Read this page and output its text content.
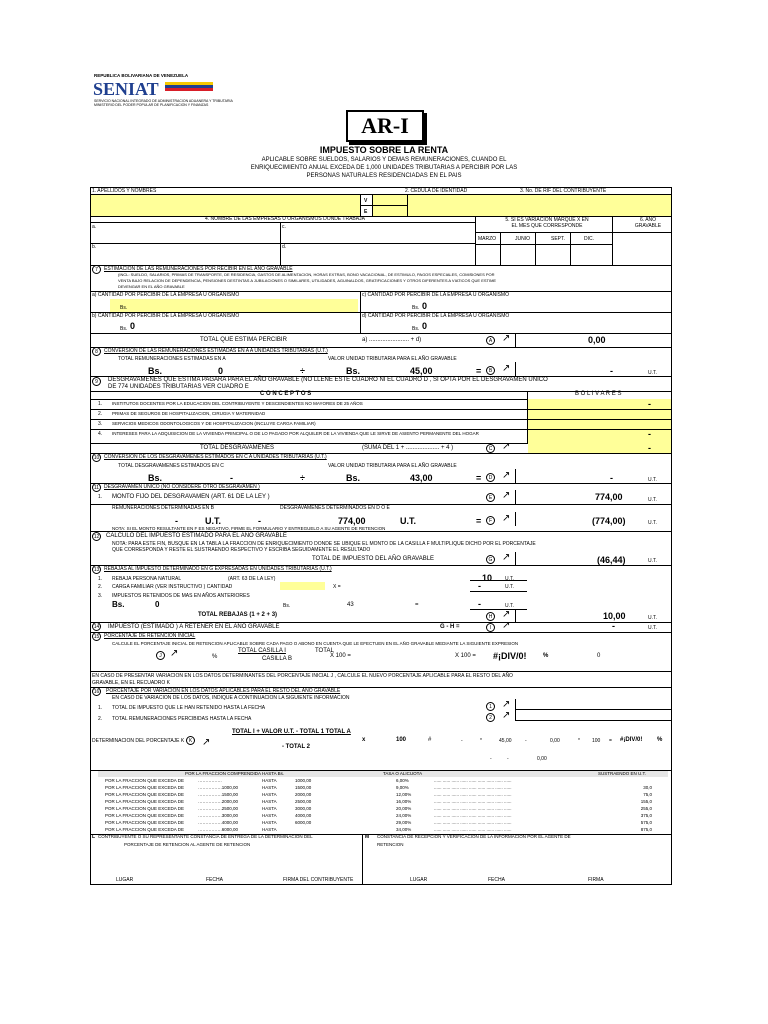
REPUBLICA BOLIVARIANA DE VENEZUELA
SENIAT
SERVICIO NACIONAL INTEGRADO DE ADMINISTRACION ADUANERA Y TRIBUTARIA
MINISTERIO DEL PODER POPULAR DE PLANIFICACION Y FINANZAS
AR-I
IMPUESTO SOBRE LA RENTA
APLICABLE SOBRE SUELDOS, SALARIOS Y DEMAS REMUNERACIONES, CUANDO EL
ENRIQUECIMIENTO ANUAL EXCEDA DE 1,000 UNIDADES TRIBUTARIAS A PERCIBIR POR LAS
PERSONAS NATURALES RESIDENCIADAS EN EL PAIS
1. APELLIDOS Y NOMBRES	2. CÉDULA DE IDENTIDAD	3. No. DE RIF DEL CONTRIBUYENTE
V
E
4. NOMBRE DE LAS EMPRESAS U ORGANISMOS DONDE TRABAJA	5. SI ES VARIACION MARQUE X EN EL MES QUE CORRESPONDE
6. AÑO GRAVABLE
a.	c.
b.	d.
MARZO	JUNIO	SEPT.	DIC.
7	ESTIMACION DE LAS REMUNERACIONES POR RECIBIR EN EL AÑO GRAVABLE
(INCL: SUELDO, SALARIOS, PRIMAS DE TRANSPORTE, DE RESIDENCIA, GASTOS DE ALIMENTACION, HORAS EXTRAS, BONO VACACIONAL, DE ESTIMULO, PAGOS ESPECIALES, COMISIONES POR
VENTA BAJO RELACION DE DEPENDENCIA, PENSIONES DESTINTAS A JUBILACIONES O SIMILARES, UTILIDADES, AGUINALDOS, GRATIFICACIONES Y OTROS DIFERENTES A VIATICOS QUE ESTIME
DEVENGAR EN EL AÑO GRAVABLE
a) CANTIDAD POR PERCIBIR DE LA EMPRESA U ORGANISMO
Bs.
c) CANTIDAD POR PERCIBIR DE LA EMPRESA U ORGANISMO
Bs. 0
b) CANTIDAD POR PERCIBIR DE LA EMPRESA U ORGANISMO
Bs. 0
d) CANTIDAD POR PERCIBIR DE LA EMPRESA U ORGANISMO
Bs. 0
TOTAL QUE ESTIMA PERCIBIR	a) ........................ + d)	A ↗	0,00
8	CONVERSION DE LAS REMUNERACIONES ESTIMADAS EN A A UNIDADES TRIBUTARIAS (U.T.)
TOTAL REMUNERACIONES ESTIMADAS EN A	VALOR UNIDAD TRIBUTARIA PARA EL AÑO GRAVABLE
Bs.	0	÷	Bs.	45,00	=	B ↗	-	U.T.
9	DESGRAVAMENES QUE ESTIMA PAGARA PARA EL AÑO GRAVABLE (NO LLENE ESTE CUADRO NI EL CUADRO D , SI OPTA POR EL DESGRAVAMEN UNICO
DE 774 UNIDADES TRIBUTARIAS VER CUADRO E
C O N C E P T O S	B O L I V A R E S
1. INSTITUTOS DOCENTES POR LA EDUCACION DEL CONTRIBUYENTE Y DESCENDIENTES NO MAYORES DE 25 AÑOS	-
2. PRIMAS DE SEGUROS DE HOSPITALIZACION, CIRUGIA Y MATERNIDAD
3. SERVICIOS MEDICOS ODONTOLOGICOS Y DE HOSPITALIZACION (INCLUYE CARGA FAMILIAR)
4. INTERESES PARA LA ADQUISICION DE LA VIVIENDA PRINCIPAL O DE LO PAGADO POR ALQUILER DE LA VIVIENDA QUE LE SIRVE DE ASIENTO PERMANENTE DEL HOGAR	-
TOTAL DESGRAVAMENES	(SUMA DEL 1 + .................... + 4 )	C ↗	-
10 CONVERSION DE LOS DESGRAVAMENES ESTIMADOS EN C A UNIDADES TRIBUTARIAS (U.T.)
TOTAL DESGRAVAMENES ESTIMADOS EN C	VALOR UNIDAD TRIBUTARIA PARA EL AÑO GRAVABLE
Bs.	-	÷	Bs.	43,00	=	D ↗	-	U.T.
11 DESGRAVAMEN UNICO (NO CONSIDERE OTRO DESGRAVAMEN )
1. MONTO FIJO DEL DESGRAVAMEN (ART. 61 DE LA LEY )	E ↗	774,00	U.T.
REMUNERACIONES DETERMINADAS EN B	DESGRAVAMENES DETERMINADOS EN D O E
-	U.T.	-	774,00	U.T.	=	F ↗	(774,00)	U.T.
NOTA: SI EL MONTO RESULTANTE EN F ES NEGATIVO, FIRME EL FORMULARIO Y ENTREGUELO A SU AGENTE DE RETENCION
12 CALCULO DEL IMPUESTO ESTIMADO PARA EL AÑO GRAVABLE
NOTA: PARA ESTE FIN, BUSQUE EN LA TABLA LA FRACCION DE ENRIQUECIMIENTO DONDE SE UBIQUE EL MONTO DE LA CASILLA F MULTIPLIQUE DICHO POR EL PORCENTAJE
QUE CORRESPONDA Y RESTE EL SUSTRAENDO RESPECTIVO Y ESCRIBA SEGUIDAMENTE EL RESULTADO
TOTAL DE IMPUESTO DEL AÑO GRAVABLE	G ↗	(46,44)	U.T.
13 REBAJAS AL IMPUESTO DETERMINADO EN G EXPRESADAS EN UNIDADES TRIBUTARIAS (U.T.)
1. REBAJA PERSONA NATURAL	(ART. 63 DE LA LEY)	10	U.T.
2. CARGA FAMILIAR (VER INSTRUCTIVO ) CANTIDAD	X =	-	U.T.
3. IMPUESTOS RETENIDOS DE MAS EN AÑOS ANTERIORES
Bs.	0	Bs.	43	=	-	U.T.
TOTAL REBAJAS (1 + 2 + 3)	H ↗	10,00	U.T.
14 IMPUESTO (ESTIMADO ) A RETENER EN EL AÑO GRAVABLE	G - H =	I	↗	-	U.T.
15 PORCENTAJE DE RETENCION INICIAL
CALCULE EL PORCENTAJE INICIAL DE RETENCION APLICABLE SOBRE CADA PAGO O ABONO EN CUENTA QUE LE EFECTUEN EN EL AÑO GRAVABLE MEDIANTE LA SIGUIENTE EXPRESION
J ↗	%
TOTAL CASILLA I
CASILLA B
TOTAL
X 100 =	X 100 = #¡DIV/0!	%	0
EN CASO DE PRESENTAR VARIACION EN LOS DATOS DETERMINANTES DEL PORCENTAJE INICIAL J , CALCULE EL NUEVO PORCENTAJE APLICABLE PARA EL RESTO DEL AÑO
GRAVABLE, EN EL RECUADRO K
16	PORCENTAJE POR VARIACION EN LOS DATOS APLICABLES PARA EL RESTO DEL AÑO GRAVABLE
EN CASO DE VARIACION DE LOS DATOS, INDIQUE A CONTINUACION LA SIGUIENTE INFORMACION
1. TOTAL DE IMPUESTO QUE LE HAN RETENIDO HASTA LA FECHA	1	↗
2. TOTAL REMUNERACIONES PERCIBIDAS HASTA LA FECHA	2	↗
TOTAL I + VALOR U.T. - TOTAL 1 TOTAL A
DETERMINACION DEL PORCENTAJE K K ↗	x	100	#	-	*	45,00	-	0,00	* 100 = #¡DIV/0! %
- TOTAL 2
-	-	0,00
POR LA FRACCION COMPRENDIDA HASTA Bs.	TASA O ALICUOTA	SUSTRAENDO EN U.T.
POR LA FRACCION QUE EXCEDA DE	…………….	HASTA	1000,00	6,00%	...... ...... ...... ...... ...... ...... ...... ...... ......
POR LA FRACCION QUE EXCEDA DE	…………….1000,00	HASTA	1500,00	9,00%	...... ...... ...... ...... ...... ...... ...... ...... ......	30,0
POR LA FRACCION QUE EXCEDA DE	…………….1500,00	HASTA	2000,00	12,00%	...... ...... ...... ...... ...... ...... ...... ...... ......	75,0
POR LA FRACCION QUE EXCEDA DE	…………….2000,00	HASTA	2500,00	16,00%	...... ...... ...... ...... ...... ...... ...... ...... ......	155,0
POR LA FRACCION QUE EXCEDA DE	…………….2500,00	HASTA	3000,00	20,00%	...... ...... ...... ...... ...... ...... ...... ...... ......	255,0
POR LA FRACCION QUE EXCEDA DE	…………….3000,00	HASTA	4000,00	24,00%	...... ...... ...... ...... ...... ...... ...... ...... ......	375,0
POR LA FRACCION QUE EXCEDA DE	…………….4000,00	HASTA	6000,00	29,00%	...... ...... ...... ...... ...... ...... ...... ...... ......	575,0
POR LA FRACCION QUE EXCEDA DE	…………….6000,00	HASTA	34,00%	...... ...... ...... ...... ...... ...... ...... ...... ......	875,0
L CONTRIBUYENTE O SU REPRESENTANTE CONSTANCIA DE ENTREGA DE LA DETERMINACION DEL
PORCENTAJE DE RETENCION AL AGENTE DE RETENCION
M CONSTANCIA DE RECEPCION Y VERIFICACION DE LA INFORMACION POR EL AGENTE DE
RETENCION
LUGAR	FECHA	FIRMA DEL CONTRIBUYENTE	LUGAR	FECHA	FIRMA
